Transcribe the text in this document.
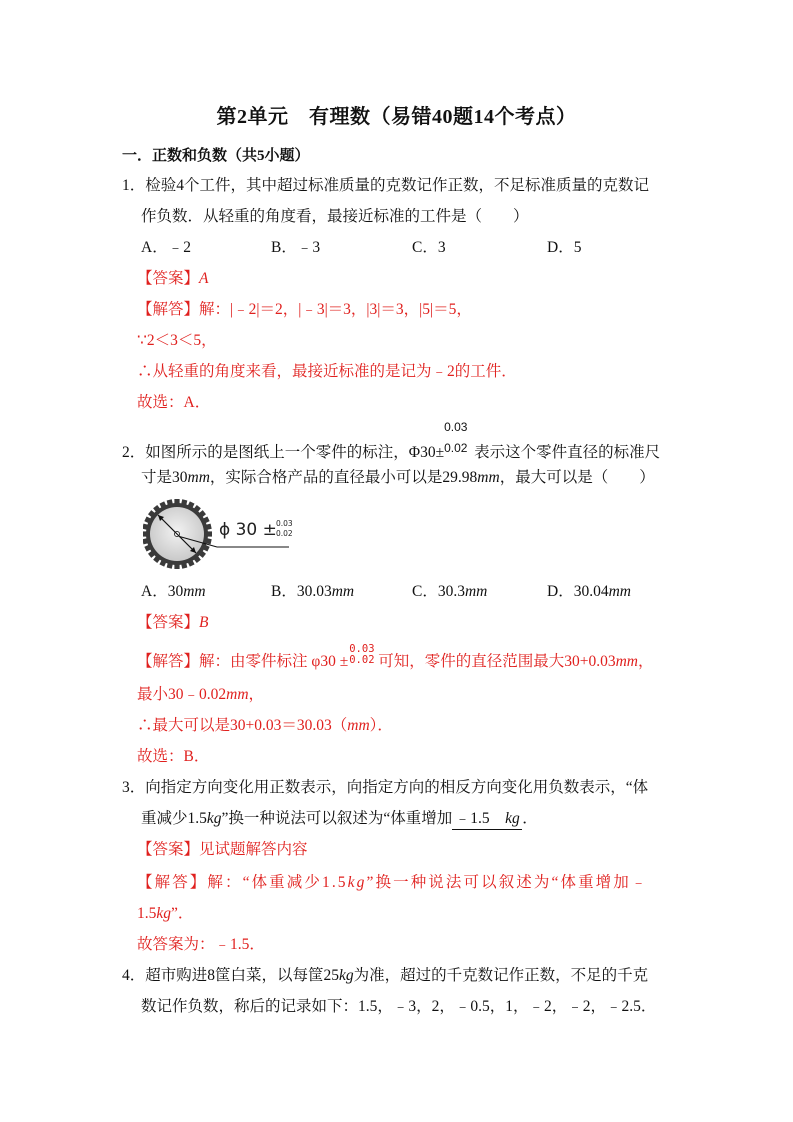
第2单元　有理数（易错40题14个考点）
一．正数和负数（共5小题）
1．检验4个工件，其中超过标准质量的克数记作正数，不足标准质量的克数记
作负数．从轻重的角度看，最接近标准的工件是（　　）
A．﹣2	B．﹣3	C．3	D．5
【答案】A
【解答】解：|﹣2|＝2，|﹣3|＝3，|3|＝3，|5|＝5，
∵2＜3＜5，
∴从轻重的角度来看，最接近标准的是记为﹣2的工件．
故选：A．
2．如图所示的是图纸上一个零件的标注，Φ30±
0.03
0.02 表示这个零件直径的标准尺
寸是30mm，实际合格产品的直径最小可以是29.98mm，最大可以是（　　）
ϕ 30 ± 0.03
0.02
A．30mm	B．30.03mm	C．30.3mm	D．30.04mm
【答案】B
【解答】解：由零件标注 φ30 ±
0.03
0.02 可知，零件的直径范围最大30+0.03mm，
最小30﹣0.02mm，
∴最大可以是30+0.03＝30.03（mm）．
故选：B．
3．向指定方向变化用正数表示，向指定方向的相反方向变化用负数表示，“体
重减少1.5kg”换一种说法可以叙述为“体重增加 ﹣1.5　 kg ．
【答案】见试题解答内容
【解答】解：“体重减少1.5kg”换一种说法可以叙述为“体重增加﹣
1.5kg”．
故答案为：﹣1.5．
4．超市购进8筐白菜，以每筐25kg为准，超过的千克数记作正数，不足的千克
数记作负数，称后的记录如下：1.5，﹣3，2，﹣0.5，1，﹣2，﹣2，﹣2.5．
